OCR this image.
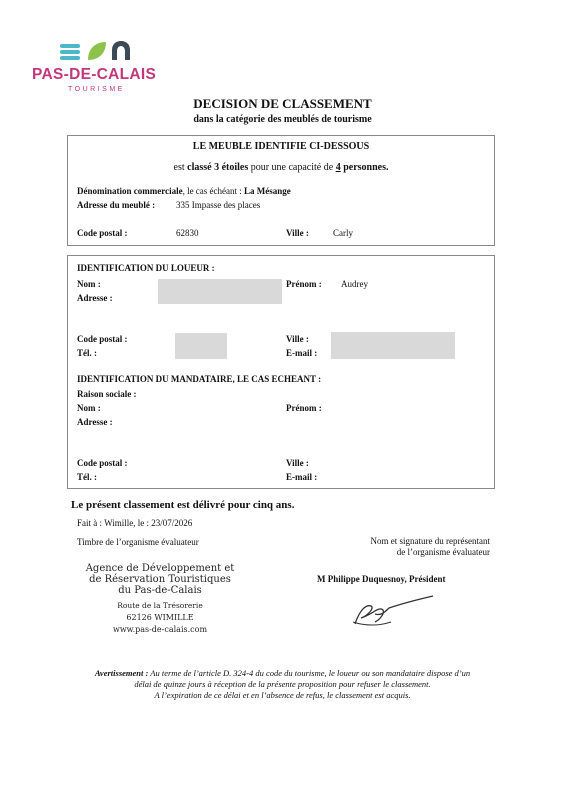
PAS-DE-CALAIS
TOURISME
DECISION DE CLASSEMENT
dans la catégorie des meublés de tourisme
LE MEUBLE IDENTIFIE CI-DESSOUS
est classé 3 étoiles pour une capacité de 4 personnes.
Dénomination commerciale, le cas échéant : La Mésange
Adresse du meublé : 335 Impasse des places
Code postal :	62830	Ville :	Carly
IDENTIFICATION DU LOUEUR :
Nom :	Prénom : Audrey
Adresse :
Code postal :	Ville :
Tél. :	E-mail :
IDENTIFICATION DU MANDATAIRE, LE CAS ECHEANT :
Raison sociale :
Nom :	Prénom :
Adresse :
Code postal :	Ville :
Tél. :	E-mail :
Le présent classement est délivré pour cinq ans.
Fait à : Wimille, le : 23/07/2026
Timbre de l’organisme évaluateur	Nom et signature du représentant
de l’organisme évaluateur
Agence de Développement et
de Réservation Touristiques
du Pas-de-Calais
Route de la Trésorerie
62126 WIMILLE
www.pas-de-calais.com
M Philippe Duquesnoy, Président
Avertissement : Au terme de l’article D. 324-4 du code du tourisme, le loueur ou son mandataire dispose d’un
délai de quinze jours à réception de la présente proposition pour refuser le classement.
A l’expiration de ce délai et en l’absence de refus, le classement est acquis.
